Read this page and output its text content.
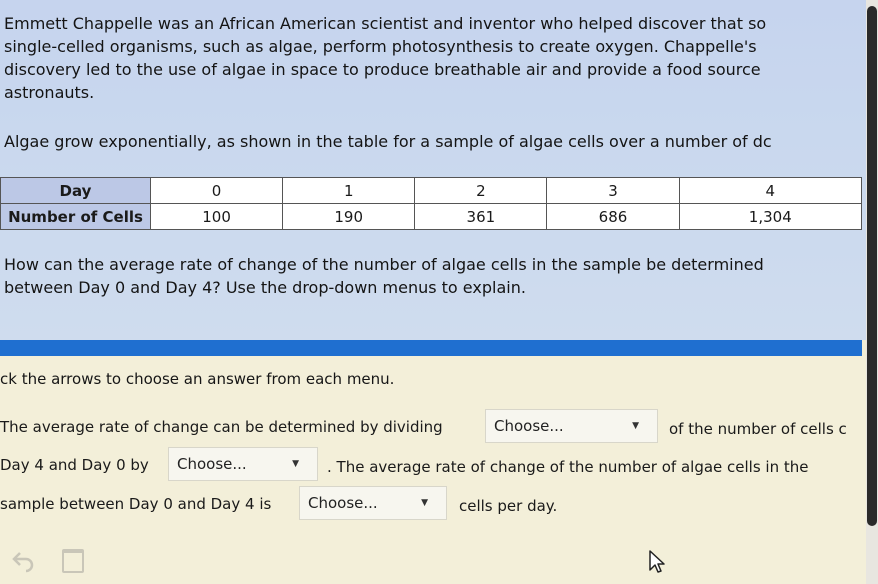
Emmett Chappelle was an African American scientist and inventor who helped discover that so
single-celled organisms, such as algae, perform photosynthesis to create oxygen. Chappelle's
discovery led to the use of algae in space to produce breathable air and provide a food source
astronauts.
Algae grow exponentially, as shown in the table for a sample of algae cells over a number of dc
Day	0	1	2	3	4
Number of Cells	100	190	361	686	1,304
How can the average rate of change of the number of algae cells in the sample be determined
between Day 0 and Day 4? Use the drop-down menus to explain.
ck the arrows to choose an answer from each menu.
The average rate of change can be determined by dividing	Choose...	▼ of the number of cells c
Day 4 and Day 0 by	Choose...	▼ . The average rate of change of the number of algae cells in the
sample between Day 0 and Day 4 is	Choose...	▼ cells per day.
